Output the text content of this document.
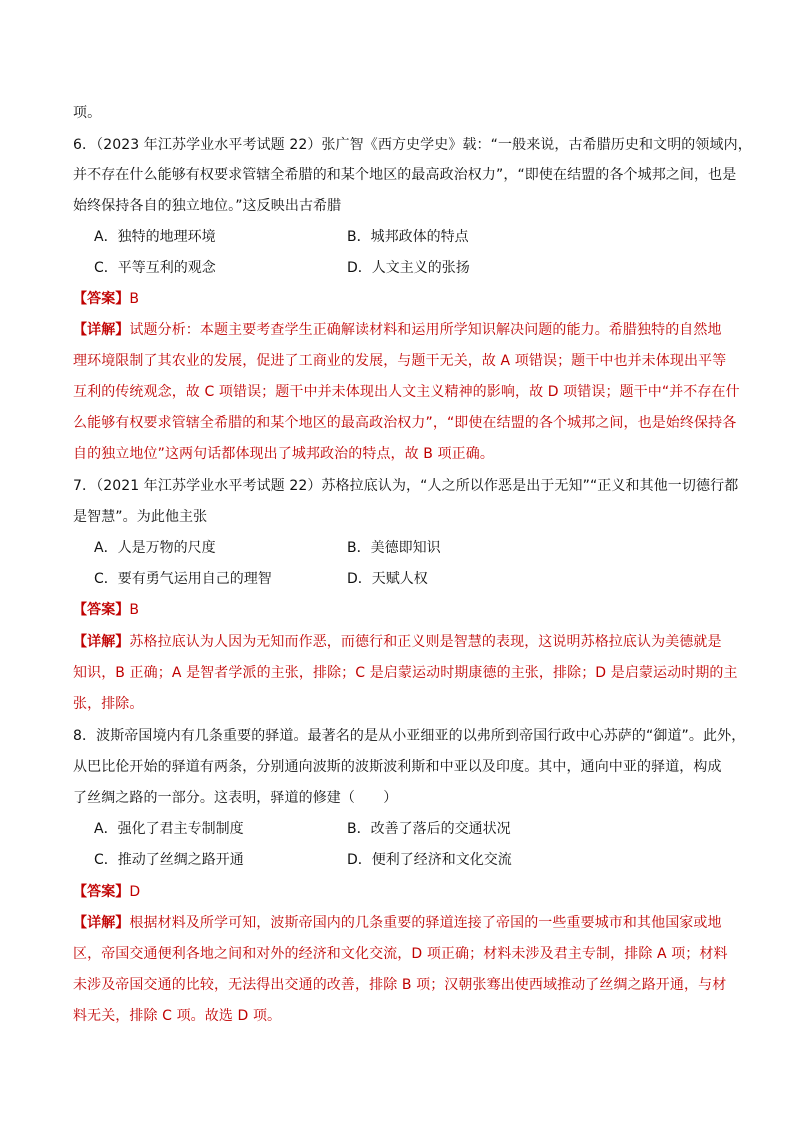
项。
6．（2023 年江苏学业水平考试题 22）张广智《西方史学史》载：“一般来说，古希腊历史和文明的领域内，
并不存在什么能够有权要求管辖全希腊的和某个地区的最高政治权力”，“即使在结盟的各个城邦之间，也是
始终保持各自的独立地位。”这反映出古希腊
A．独特的地理环境	B．城邦政体的特点
C．平等互利的观念	D．人文主义的张扬
【答案】B
【详解】试题分析：本题主要考查学生正确解读材料和运用所学知识解决问题的能力。希腊独特的自然地
理环境限制了其农业的发展，促进了工商业的发展，与题干无关，故 A 项错误；题干中也并未体现出平等
互利的传统观念，故 C 项错误；题干中并未体现出人文主义精神的影响，故 D 项错误；题干中“并不存在什
么能够有权要求管辖全希腊的和某个地区的最高政治权力”，“即使在结盟的各个城邦之间，也是始终保持各
自的独立地位”这两句话都体现出了城邦政治的特点，故 B 项正确。
7．（2021 年江苏学业水平考试题 22）苏格拉底认为，“人之所以作恶是出于无知”“正义和其他一切德行都
是智慧”。为此他主张
A．人是万物的尺度	B．美德即知识
C．要有勇气运用自己的理智	D．天赋人权
【答案】B
【详解】苏格拉底认为人因为无知而作恶，而德行和正义则是智慧的表现，这说明苏格拉底认为美德就是
知识，B 正确；A 是智者学派的主张，排除；C 是启蒙运动时期康德的主张，排除；D 是启蒙运动时期的主
张，排除。
8．波斯帝国境内有几条重要的驿道。最著名的是从小亚细亚的以弗所到帝国行政中心苏萨的“御道”。此外，
从巴比伦开始的驿道有两条，分别通向波斯的波斯波利斯和中亚以及印度。其中，通向中亚的驿道，构成
了丝绸之路的一部分。这表明，驿道的修建（　　）
A．强化了君主专制制度	B．改善了落后的交通状况
C．推动了丝绸之路开通	D．便利了经济和文化交流
【答案】D
【详解】根据材料及所学可知，波斯帝国内的几条重要的驿道连接了帝国的一些重要城市和其他国家或地
区，帝国交通便利各地之间和对外的经济和文化交流，D 项正确；材料未涉及君主专制，排除 A 项；材料
未涉及帝国交通的比较，无法得出交通的改善，排除 B 项；汉朝张骞出使西域推动了丝绸之路开通，与材
料无关，排除 C 项。故选 D 项。
